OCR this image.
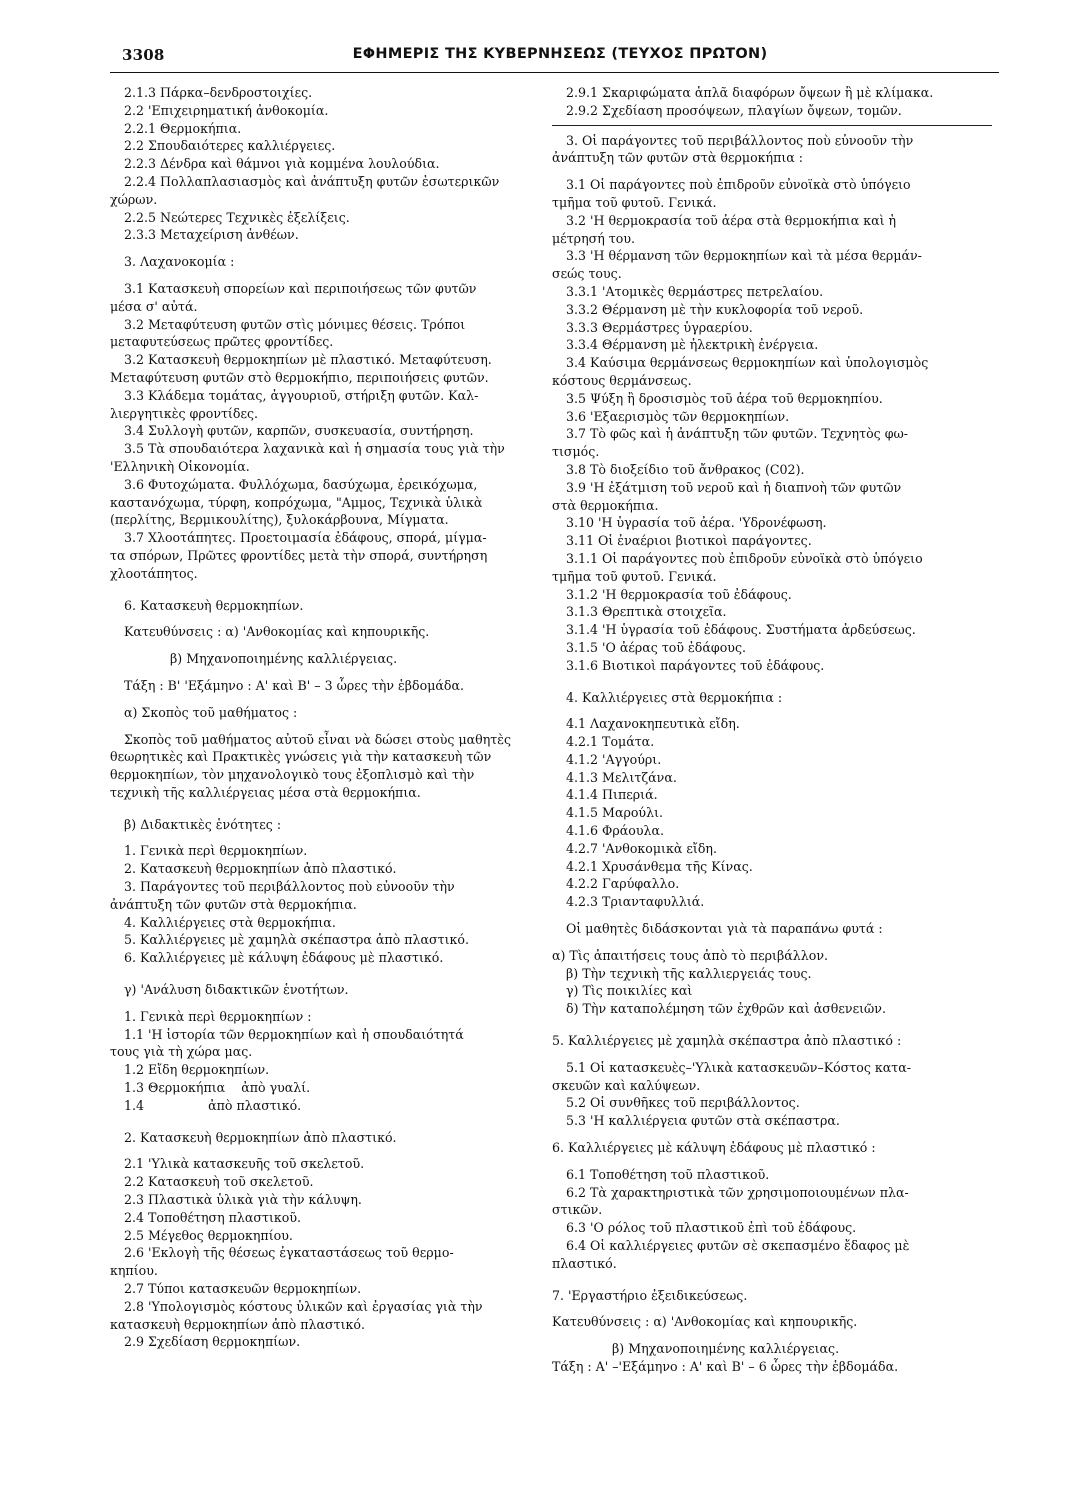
3308	ΕΦΗΜΕΡΙΣ ΤΗΣ ΚΥΒΕΡΝΗΣΕΩΣ (ΤΕΥΧΟΣ ΠΡΩΤΟΝ)
2.1.3 Πάρκα–δενδροστοιχίες.
2.2 'Επιχειρηματική ἀνθοκομία.
2.2.1 Θερμοκήπια.
2.2 Σπουδαιότερες καλλιέργειες.
2.2.3 Δένδρα καὶ θάμνοι γιὰ κομμένα λουλούδια.
2.2.4 Πολλαπλασιασμὸς καὶ ἀνάπτυξη φυτῶν ἐσωτερικῶν
χώρων.
2.2.5 Νεώτερες Τεχνικὲς ἐξελίξεις.
2.3.3 Μεταχείριση ἀνθέων.
3. Λαχανοκομία :
3.1 Κατασκευὴ σπορείων καὶ περιποιήσεως τῶν φυτῶν
μέσα σ' αὐτά.
3.2 Μεταφύτευση φυτῶν στὶς μόνιμες θέσεις. Τρόποι
μεταφυτεύσεως πρῶτες φροντίδες.
3.2 Κατασκευὴ θερμοκηπίων μὲ πλαστικό. Μεταφύτευση.
Μεταφύτευση φυτῶν στὸ θερμοκήπιο, περιποιήσεις φυτῶν.
3.3 Κλάδεμα τομάτας, ἀγγουριοῦ, στήριξη φυτῶν. Καλ-
λιεργητικὲς φροντίδες.
3.4 Συλλογὴ φυτῶν, καρπῶν, συσκευασία, συντήρηση.
3.5 Τὰ σπουδαιότερα λαχανικὰ καὶ ἡ σημασία τους γιὰ τὴν
'Ελληνικὴ Οἰκονομία.
3.6 Φυτοχώματα. Φυλλόχωμα, δασύχωμα, ἐρεικόχωμα,
καστανόχωμα, τύρφη, κοπρόχωμα, "Αμμος, Τεχνικὰ ὑλικὰ
(περλίτης, Βερμικουλίτης), ξυλοκάρβουνα, Μίγματα.
3.7 Χλοοτάπητες. Προετοιμασία ἐδάφους, σπορά, μίγμα-
τα σπόρων, Πρῶτες φροντίδες μετὰ τὴν σπορά, συντήρηση
χλοοτάπητος.
6. Κατασκευὴ θερμοκηπίων.
Κατευθύνσεις : α) 'Ανθοκομίας καὶ κηπουρικῆς.
β) Μηχανοποιημένης καλλιέργειας.
Τάξη : Β' 'Εξάμηνο : Α' καὶ Β' – 3 ὧρες τὴν ἑβδομάδα.
α) Σκοπὸς τοῦ μαθήματος :
Σκοπὸς τοῦ μαθήματος αὐτοῦ εἶναι νὰ δώσει στοὺς μαθητὲς
θεωρητικὲς καὶ Πρακτικὲς γνώσεις γιὰ τὴν κατασκευὴ τῶν
θερμοκηπίων, τὸν μηχανολογικὸ τους ἐξοπλισμὸ καὶ τὴν
τεχνικὴ τῆς καλλιέργειας μέσα στὰ θερμοκήπια.
β) Διδακτικὲς ἑνότητες :
1. Γενικὰ περὶ θερμοκηπίων.
2. Κατασκευὴ θερμοκηπίων ἀπὸ πλαστικό.
3. Παράγοντες τοῦ περιβάλλοντος ποὺ εὐνοοῦν τὴν
ἀνάπτυξη τῶν φυτῶν στὰ θερμοκήπια.
4. Καλλιέργειες στὰ θερμοκήπια.
5. Καλλιέργειες μὲ χαμηλὰ σκέπαστρα ἀπὸ πλαστικό.
6. Καλλιέργειες μὲ κάλυψη ἐδάφους μὲ πλαστικό.
γ) 'Ανάλυση διδακτικῶν ἑνοτήτων.
1. Γενικὰ περὶ θερμοκηπίων :
1.1 'Η ἱστορία τῶν θερμοκηπίων καὶ ἡ σπουδαιότητά
τους γιὰ τὴ χώρα μας.
1.2 Εἴδη θερμοκηπίων.
1.3 Θερμοκήπια    ἀπὸ γυαλί.
1.4                ἀπὸ πλαστικό.
2. Κατασκευὴ θερμοκηπίων ἀπὸ πλαστικό.
2.1 'Υλικὰ κατασκευῆς τοῦ σκελετοῦ.
2.2 Κατασκευὴ τοῦ σκελετοῦ.
2.3 Πλαστικὰ ὑλικὰ γιὰ τὴν κάλυψη.
2.4 Τοποθέτηση πλαστικοῦ.
2.5 Μέγεθος θερμοκηπίου.
2.6 'Εκλογὴ τῆς θέσεως ἐγκαταστάσεως τοῦ θερμο-
κηπίου.
2.7 Τύποι κατασκευῶν θερμοκηπίων.
2.8 'Υπολογισμὸς κόστους ὑλικῶν καὶ ἐργασίας γιὰ τὴν
κατασκευὴ θερμοκηπίων ἀπὸ πλαστικό.
2.9 Σχεδίαση θερμοκηπίων.
2.9.1 Σκαριφώματα ἁπλᾶ διαφόρων ὄψεων ἢ μὲ κλίμακα.
2.9.2 Σχεδίαση προσόψεων, πλαγίων ὄψεων, τομῶν.
3. Οἱ παράγοντες τοῦ περιβάλλοντος ποὺ εὐνοοῦν τὴν
ἀνάπτυξη τῶν φυτῶν στὰ θερμοκήπια :
3.1 Οἱ παράγοντες ποὺ ἐπιδροῦν εὐνοϊκὰ στὸ ὑπόγειο
τμῆμα τοῦ φυτοῦ. Γενικά.
3.2 'Η θερμοκρασία τοῦ ἀέρα στὰ θερμοκήπια καὶ ἡ
μέτρησή του.
3.3 'Η θέρμανση τῶν θερμοκηπίων καὶ τὰ μέσα θερμάν-
σεώς τους.
3.3.1 'Ατομικὲς θερμάστρες πετρελαίου.
3.3.2 Θέρμανση μὲ τὴν κυκλοφορία τοῦ νεροῦ.
3.3.3 Θερμάστρες ὑγραερίου.
3.3.4 Θέρμανση μὲ ἠλεκτρικὴ ἐνέργεια.
3.4 Καύσιμα θερμάνσεως θερμοκηπίων καὶ ὑπολογισμὸς
κόστους θερμάνσεως.
3.5 Ψύξη ἢ δροσισμὸς τοῦ ἀέρα τοῦ θερμοκηπίου.
3.6 'Εξαερισμὸς τῶν θερμοκηπίων.
3.7 Τὸ φῶς καὶ ἡ ἀνάπτυξη τῶν φυτῶν. Τεχνητὸς φω-
τισμός.
3.8 Τὸ διοξείδιο τοῦ ἄνθρακος (C02).
3.9 'Η ἐξάτμιση τοῦ νεροῦ καὶ ἡ διαπνοὴ τῶν φυτῶν
στὰ θερμοκήπια.
3.10 'Η ὑγρασία τοῦ ἀέρα. 'Υδρονέφωση.
3.11 Οἱ ἐναέριοι βιοτικοὶ παράγοντες.
3.1.1 Οἱ παράγοντες ποὺ ἐπιδροῦν εὐνοϊκὰ στὸ ὑπόγειο
τμῆμα τοῦ φυτοῦ. Γενικά.
3.1.2 'Η θερμοκρασία τοῦ ἐδάφους.
3.1.3 Θρεπτικὰ στοιχεῖα.
3.1.4 'Η ὑγρασία τοῦ ἐδάφους. Συστήματα ἀρδεύσεως.
3.1.5 'Ο ἀέρας τοῦ ἐδάφους.
3.1.6 Βιοτικοὶ παράγοντες τοῦ ἐδάφους.
4. Καλλιέργειες στὰ θερμοκήπια :
4.1 Λαχανοκηπευτικὰ εἴδη.
4.2.1 Τομάτα.
4.1.2 'Αγγούρι.
4.1.3 Μελιτζάνα.
4.1.4 Πιπεριά.
4.1.5 Μαρούλι.
4.1.6 Φράουλα.
4.2.7 'Ανθοκομικὰ εἴδη.
4.2.1 Χρυσάνθεμα τῆς Κίνας.
4.2.2 Γαρύφαλλο.
4.2.3 Τριανταφυλλιά.
Οἱ μαθητὲς διδάσκονται γιὰ τὰ παραπάνω φυτά :
α) Τὶς ἀπαιτήσεις τους ἀπὸ τὸ περιβάλλον.
β) Τὴν τεχνικὴ τῆς καλλιεργειάς τους.
γ) Τὶς ποικιλίες καὶ
δ) Τὴν καταπολέμηση τῶν ἐχθρῶν καὶ ἀσθενειῶν.
5. Καλλιέργειες μὲ χαμηλὰ σκέπαστρα ἀπὸ πλαστικό :
5.1 Οἱ κατασκευὲς–'Υλικὰ κατασκευῶν–Κόστος κατα-
σκευῶν καὶ καλύψεων.
5.2 Οἱ συνθῆκες τοῦ περιβάλλοντος.
5.3 'Η καλλιέργεια φυτῶν στὰ σκέπαστρα.
6. Καλλιέργειες μὲ κάλυψη ἐδάφους μὲ πλαστικό :
6.1 Τοποθέτηση τοῦ πλαστικοῦ.
6.2 Τὰ χαρακτηριστικὰ τῶν χρησιμοποιουμένων πλα-
στικῶν.
6.3 'Ο ρόλος τοῦ πλαστικοῦ ἐπὶ τοῦ ἐδάφους.
6.4 Οἱ καλλιέργειες φυτῶν σὲ σκεπασμένο ἔδαφος μὲ
πλαστικό.
7. 'Εργαστήριο ἐξειδικεύσεως.
Κατευθύνσεις : α) 'Ανθοκομίας καὶ κηπουρικῆς.
β) Μηχανοποιημένης καλλιέργειας.
Τάξη : Α' –'Εξάμηνο : Α' καὶ Β' – 6 ὧρες τὴν ἑβδομάδα.
